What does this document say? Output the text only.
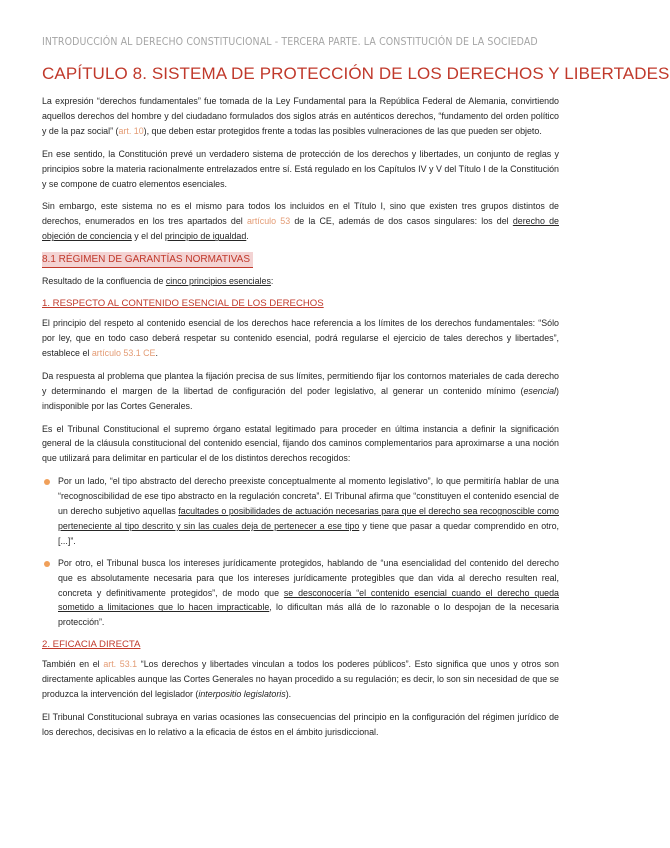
INTRODUCCIÓN AL DERECHO CONSTITUCIONAL - TERCERA PARTE. LA CONSTITUCIÓN DE LA SOCIEDAD
CAPÍTULO 8. SISTEMA DE PROTECCIÓN DE LOS DERECHOS Y LIBERTADES

La expresión “derechos fundamentales” fue tomada de la Ley Fundamental para la República Federal de Alemania, convirtiendo aquellos derechos del hombre y del ciudadano formulados dos siglos atrás en auténticos derechos, “fundamento del orden político y de la paz social” (art. 10), que deben estar protegidos frente a todas las posibles vulneraciones de las que pueden ser objeto.

En ese sentido, la Constitución prevé un verdadero sistema de protección de los derechos y libertades, un conjunto de reglas y principios sobre la materia racionalmente entrelazados entre sí. Está regulado en los Capítulos IV y V del Título I de la Constitución y se compone de cuatro elementos esenciales.

Sin embargo, este sistema no es el mismo para todos los incluidos en el Título I, sino que existen tres grupos distintos de derechos, enumerados en los tres apartados del artículo 53 de la CE, además de dos casos singulares: los del derecho de objeción de conciencia y el del principio de igualdad.

8.1 RÉGIMEN DE GARANTÍAS NORMATIVAS

Resultado de la confluencia de cinco principios esenciales:

1. RESPECTO AL CONTENIDO ESENCIAL DE LOS DERECHOS

El principio del respeto al contenido esencial de los derechos hace referencia a los límites de los derechos fundamentales: “Sólo por ley, que en todo caso deberá respetar su contenido esencial, podrá regularse el ejercicio de tales derechos y libertades”, establece el artículo 53.1 CE.

Da respuesta al problema que plantea la fijación precisa de sus límites, permitiendo fijar los contornos materiales de cada derecho y determinando el margen de la libertad de configuración del poder legislativo, al generar un contenido mínimo (esencial) indisponible por las Cortes Generales.

Es el Tribunal Constitucional el supremo órgano estatal legitimado para proceder en última instancia a definir la significación general de la cláusula constitucional del contenido esencial, fijando dos caminos complementarios para aproximarse a una noción que utilizará para delimitar en particular el de los distintos derechos recogidos:

Por un lado, “el tipo abstracto del derecho preexiste conceptualmente al momento legislativo”, lo que permitiría hablar de una “recognoscibilidad de ese tipo abstracto en la regulación concreta”. El Tribunal afirma que “constituyen el contenido esencial de un derecho subjetivo aquellas facultades o posibilidades de actuación necesarias para que el derecho sea recognoscible como perteneciente al tipo descrito y sin las cuales deja de pertenecer a ese tipo y tiene que pasar a quedar comprendido en otro, [...]”.
Por otro, el Tribunal busca los intereses jurídicamente protegidos, hablando de “una esencialidad del contenido del derecho que es absolutamente necesaria para que los intereses jurídicamente protegibles que dan vida al derecho resulten real, concreta y definitivamente protegidos”, de modo que se desconocería “el contenido esencial cuando el derecho queda sometido a limitaciones que lo hacen impracticable, lo dificultan más allá de lo razonable o lo despojan de la necesaria protección”.
2. EFICACIA DIRECTA

También en el art. 53.1 “Los derechos y libertades vinculan a todos los poderes públicos”. Esto significa que unos y otros son directamente aplicables aunque las Cortes Generales no hayan procedido a su regulación; es decir, lo son sin necesidad de que se produzca la intervención del legislador (interpositio legislatoris).

El Tribunal Constitucional subraya en varias ocasiones las consecuencias del principio en la configuración del régimen jurídico de los derechos, decisivas en lo relativo a la eficacia de éstos en el ámbito jurisdiccional.
